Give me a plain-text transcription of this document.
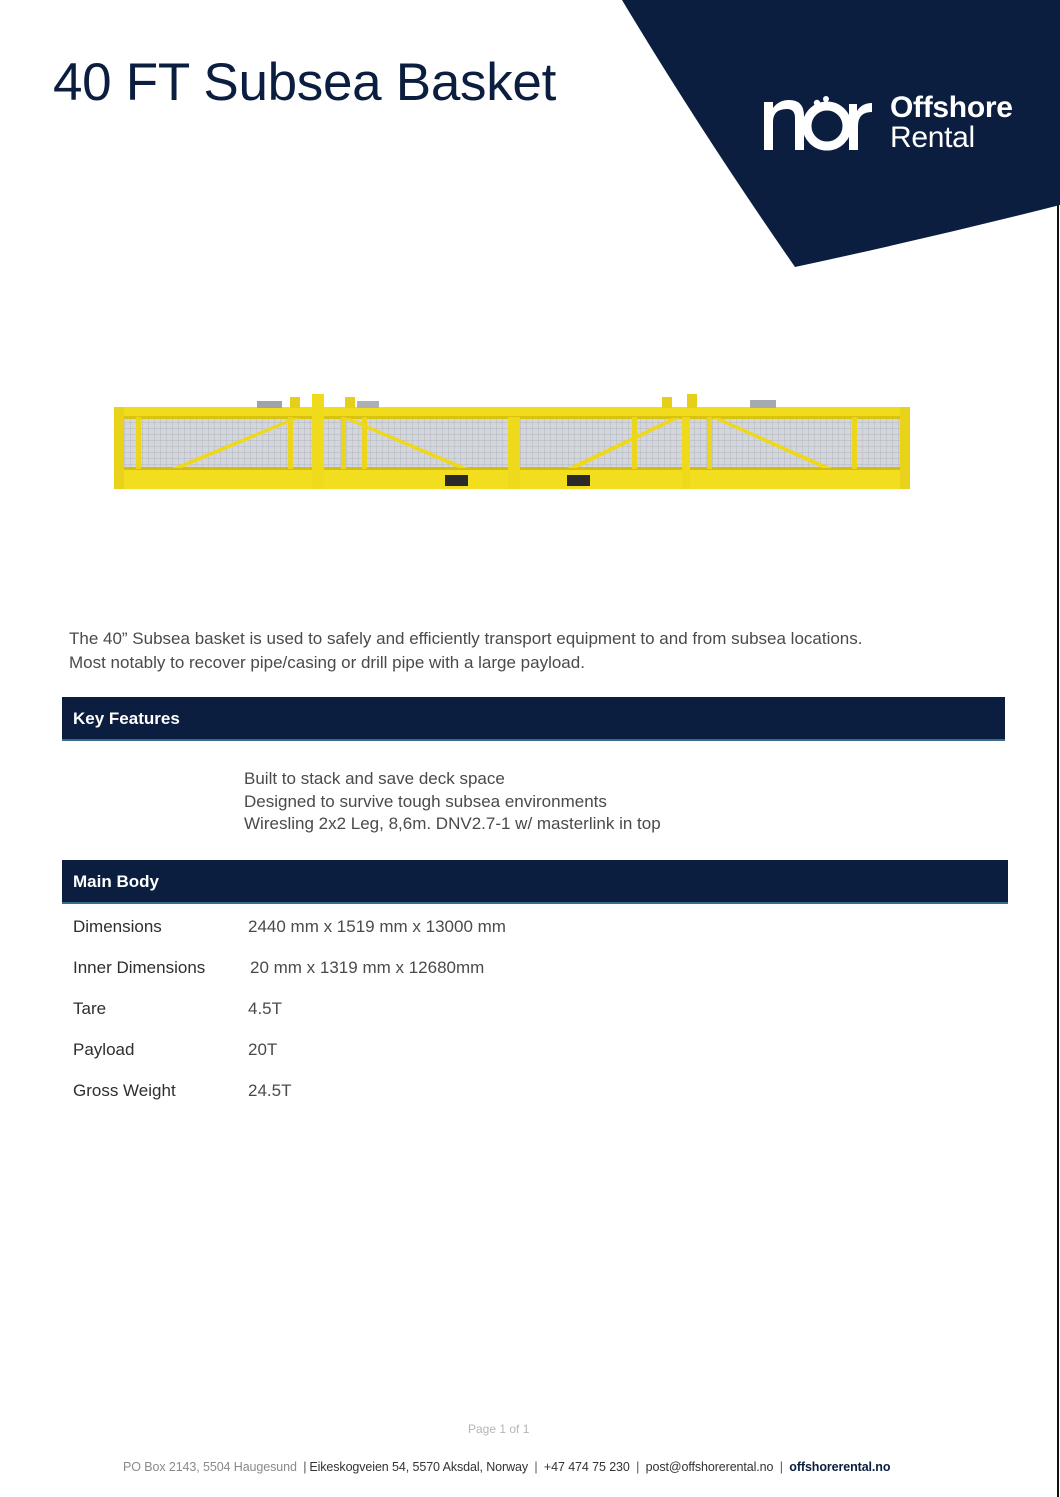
40 FT Subsea Basket	Offshore
Rental

The 40” Subsea basket is used to safely and efficiently transport equipment to and from subsea locations.

Most notably to recover pipe/casing or drill pipe with a large payload.

Key Features
Built to stack and save deck space
Designed to survive tough subsea environments
Wiresling 2x2 Leg, 8,6m. DNV2.7-1 w/ masterlink in top
Main Body
Dimensions	2440 mm x 1519 mm x 13000 mm
Inner Dimensions	20 mm x 1319 mm x 12680mm
Tare	4.5T
Payload	20T
Gross Weight	24.5T
Page 1 of 1
PO Box 2143, 5504 Haugesund | Eikeskogveien 54, 5570 Aksdal, Norway | +47 474 75 230 | post@offshorerental.no | offshorerental.no
